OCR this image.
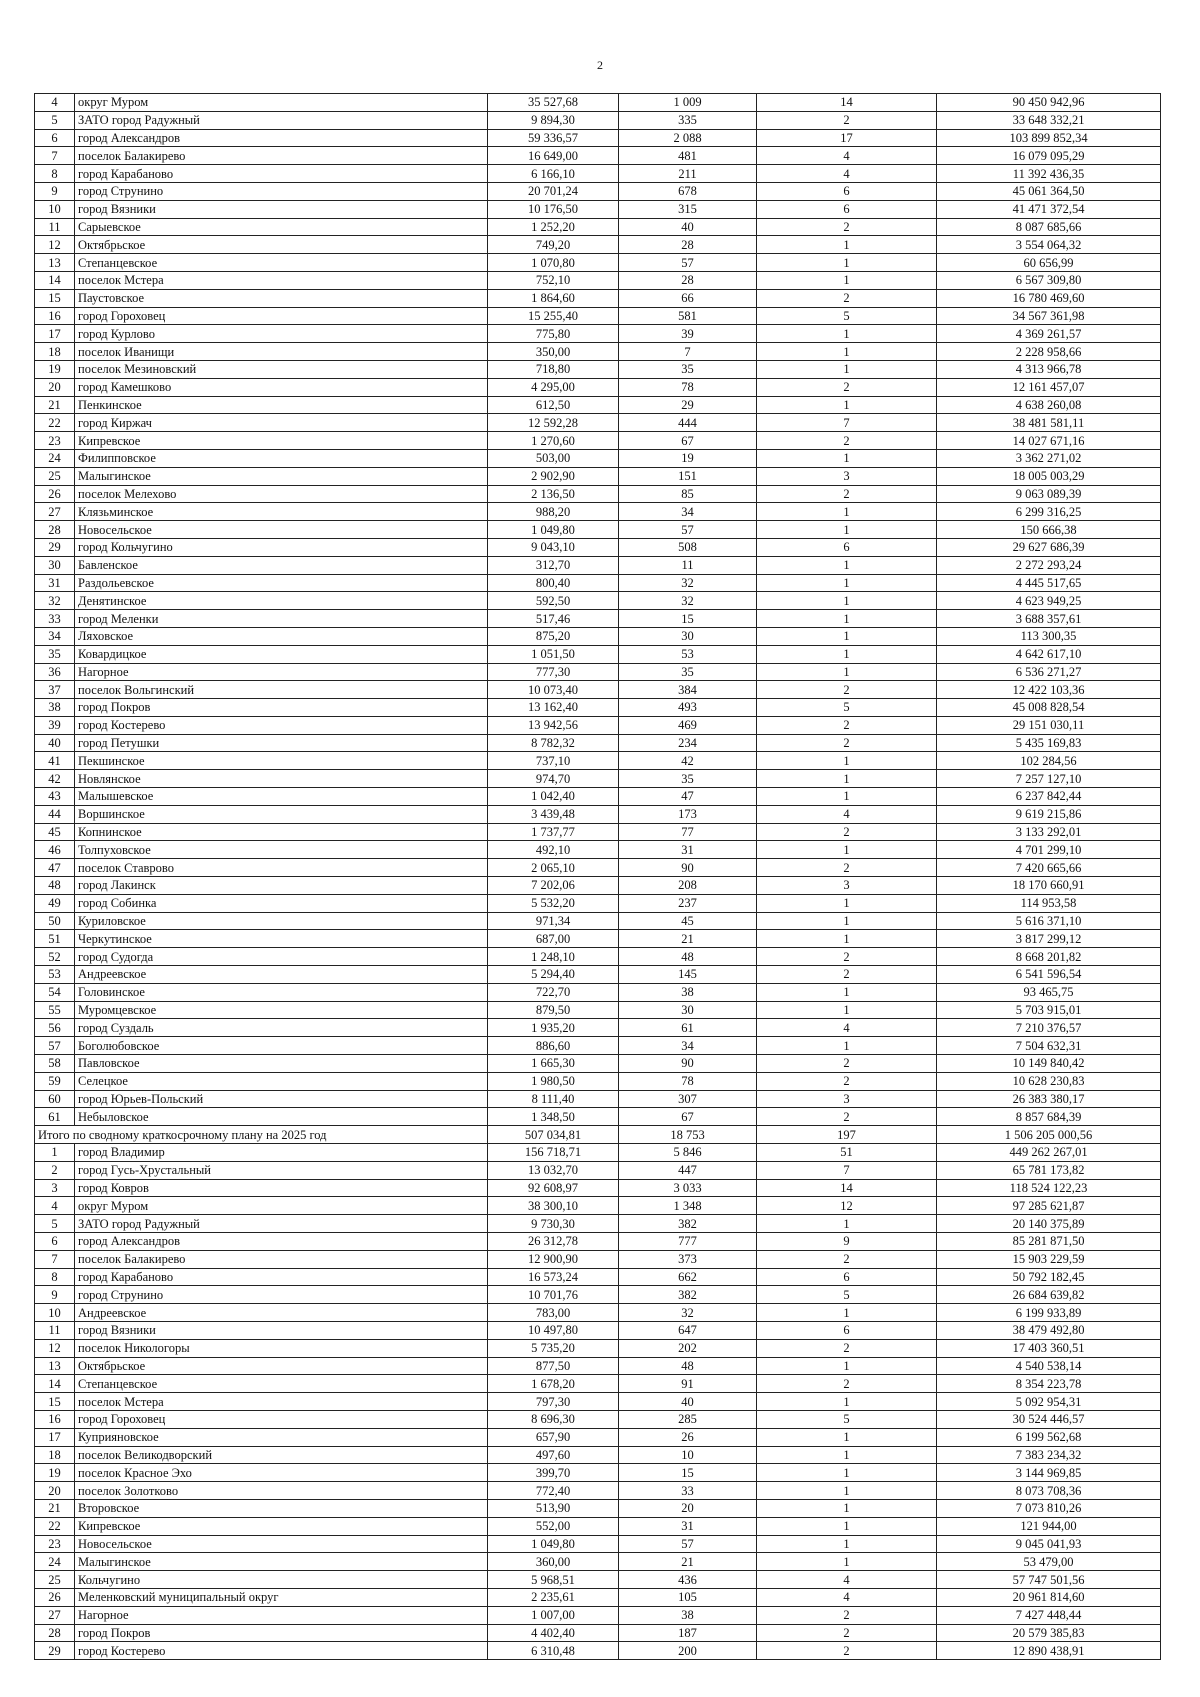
2
4	округ Муром	35 527,68	1 009	14	90 450 942,96
5	ЗАТО город Радужный	9 894,30	335	2	33 648 332,21
6	город Александров	59 336,57	2 088	17	103 899 852,34
7	поселок Балакирево	16 649,00	481	4	16 079 095,29
8	город Карабаново	6 166,10	211	4	11 392 436,35
9	город Струнино	20 701,24	678	6	45 061 364,50
10	город Вязники	10 176,50	315	6	41 471 372,54
11	Сарыевское	1 252,20	40	2	8 087 685,66
12	Октябрьское	749,20	28	1	3 554 064,32
13	Степанцевское	1 070,80	57	1	60 656,99
14	поселок Мстера	752,10	28	1	6 567 309,80
15	Паустовское	1 864,60	66	2	16 780 469,60
16	город Гороховец	15 255,40	581	5	34 567 361,98
17	город Курлово	775,80	39	1	4 369 261,57
18	поселок Иванищи	350,00	7	1	2 228 958,66
19	поселок Мезиновский	718,80	35	1	4 313 966,78
20	город Камешково	4 295,00	78	2	12 161 457,07
21	Пенкинское	612,50	29	1	4 638 260,08
22	город Киржач	12 592,28	444	7	38 481 581,11
23	Кипревское	1 270,60	67	2	14 027 671,16
24	Филипповское	503,00	19	1	3 362 271,02
25	Малыгинское	2 902,90	151	3	18 005 003,29
26	поселок Мелехово	2 136,50	85	2	9 063 089,39
27	Клязьминское	988,20	34	1	6 299 316,25
28	Новосельское	1 049,80	57	1	150 666,38
29	город Кольчугино	9 043,10	508	6	29 627 686,39
30	Бавленское	312,70	11	1	2 272 293,24
31	Раздольевское	800,40	32	1	4 445 517,65
32	Денятинское	592,50	32	1	4 623 949,25
33	город Меленки	517,46	15	1	3 688 357,61
34	Ляховское	875,20	30	1	113 300,35
35	Ковардицкое	1 051,50	53	1	4 642 617,10
36	Нагорное	777,30	35	1	6 536 271,27
37	поселок Вольгинский	10 073,40	384	2	12 422 103,36
38	город Покров	13 162,40	493	5	45 008 828,54
39	город Костерево	13 942,56	469	2	29 151 030,11
40	город Петушки	8 782,32	234	2	5 435 169,83
41	Пекшинское	737,10	42	1	102 284,56
42	Новлянское	974,70	35	1	7 257 127,10
43	Малышевское	1 042,40	47	1	6 237 842,44
44	Воршинское	3 439,48	173	4	9 619 215,86
45	Копнинское	1 737,77	77	2	3 133 292,01
46	Толпуховское	492,10	31	1	4 701 299,10
47	поселок Ставрово	2 065,10	90	2	7 420 665,66
48	город Лакинск	7 202,06	208	3	18 170 660,91
49	город Собинка	5 532,20	237	1	114 953,58
50	Куриловское	971,34	45	1	5 616 371,10
51	Черкутинское	687,00	21	1	3 817 299,12
52	город Судогда	1 248,10	48	2	8 668 201,82
53	Андреевское	5 294,40	145	2	6 541 596,54
54	Головинское	722,70	38	1	93 465,75
55	Муромцевское	879,50	30	1	5 703 915,01
56	город Суздаль	1 935,20	61	4	7 210 376,57
57	Боголюбовское	886,60	34	1	7 504 632,31
58	Павловское	1 665,30	90	2	10 149 840,42
59	Селецкое	1 980,50	78	2	10 628 230,83
60	город Юрьев-Польский	8 111,40	307	3	26 383 380,17
61	Небыловское	1 348,50	67	2	8 857 684,39
Итого по сводному краткосрочному плану на 2025 год		507 034,81	18 753	197	1 506 205 000,56
1	город Владимир	156 718,71	5 846	51	449 262 267,01
2	город Гусь-Хрустальный	13 032,70	447	7	65 781 173,82
3	город Ковров	92 608,97	3 033	14	118 524 122,23
4	округ Муром	38 300,10	1 348	12	97 285 621,87
5	ЗАТО город Радужный	9 730,30	382	1	20 140 375,89
6	город Александров	26 312,78	777	9	85 281 871,50
7	поселок Балакирево	12 900,90	373	2	15 903 229,59
8	город Карабаново	16 573,24	662	6	50 792 182,45
9	город Струнино	10 701,76	382	5	26 684 639,82
10	Андреевское	783,00	32	1	6 199 933,89
11	город Вязники	10 497,80	647	6	38 479 492,80
12	поселок Никологоры	5 735,20	202	2	17 403 360,51
13	Октябрьское	877,50	48	1	4 540 538,14
14	Степанцевское	1 678,20	91	2	8 354 223,78
15	поселок Мстера	797,30	40	1	5 092 954,31
16	город Гороховец	8 696,30	285	5	30 524 446,57
17	Куприяновское	657,90	26	1	6 199 562,68
18	поселок Великодворский	497,60	10	1	7 383 234,32
19	поселок Красное Эхо	399,70	15	1	3 144 969,85
20	поселок Золотково	772,40	33	1	8 073 708,36
21	Второвское	513,90	20	1	7 073 810,26
22	Кипревское	552,00	31	1	121 944,00
23	Новосельское	1 049,80	57	1	9 045 041,93
24	Малыгинское	360,00	21	1	53 479,00
25	Кольчугино	5 968,51	436	4	57 747 501,56
26	Меленковский муниципальный округ	2 235,61	105	4	20 961 814,60
27	Нагорное	1 007,00	38	2	7 427 448,44
28	город Покров	4 402,40	187	2	20 579 385,83
29	город Костерево	6 310,48	200	2	12 890 438,91
